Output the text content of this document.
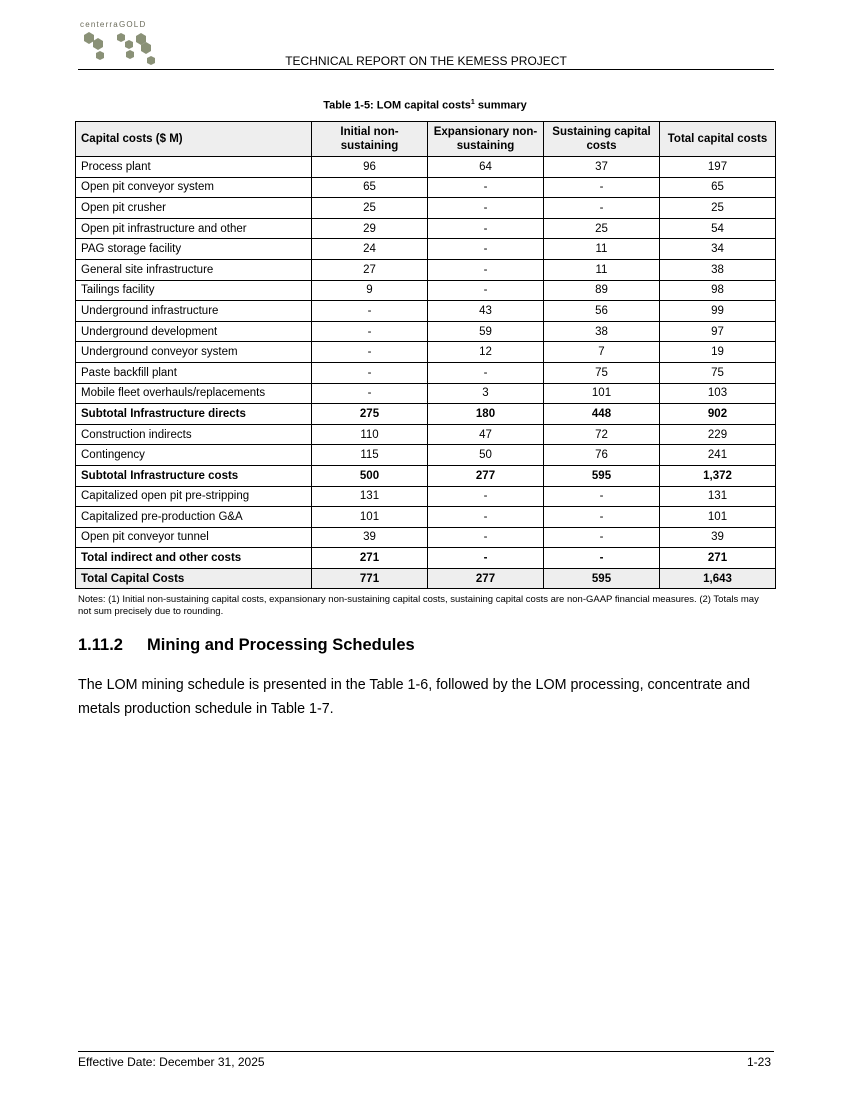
centerraGOLD
TECHNICAL REPORT ON THE KEMESS PROJECT
Table 1-5: LOM capital costs$^1$ summary
Capital costs ($ M)	Initial non-sustaining	Expansionary non-sustaining	Sustaining capital costs	Total capital costs
Process plant	96	64	37	197
Open pit conveyor system	65	-	-	65
Open pit crusher	25	-	-	25
Open pit infrastructure and other	29	-	25	54
PAG storage facility	24	-	11	34
General site infrastructure	27	-	11	38
Tailings facility	9	-	89	98
Underground infrastructure	-	43	56	99
Underground development	-	59	38	97
Underground conveyor system	-	12	7	19
Paste backfill plant	-	-	75	75
Mobile fleet overhauls/replacements	-	3	101	103
Subtotal Infrastructure directs	275	180	448	902
Construction indirects	110	47	72	229
Contingency	115	50	76	241
Subtotal Infrastructure costs	500	277	595	1,372
Capitalized open pit pre-stripping	131	-	-	131
Capitalized pre-production G&A	101	-	-	101
Open pit conveyor tunnel	39	-	-	39
Total indirect and other costs	271	-	-	271
Total Capital Costs	771	277	595	1,643
Notes: (1) Initial non-sustaining capital costs, expansionary non-sustaining capital costs, sustaining capital costs are non-GAAP financial measures. (2) Totals may not sum precisely due to rounding.
1.11.2 Mining and Processing Schedules
The LOM mining schedule is presented in the Table 1-6, followed by the LOM processing, concentrate and metals production schedule in Table 1-7.
Effective Date: December 31, 2025	1-23
